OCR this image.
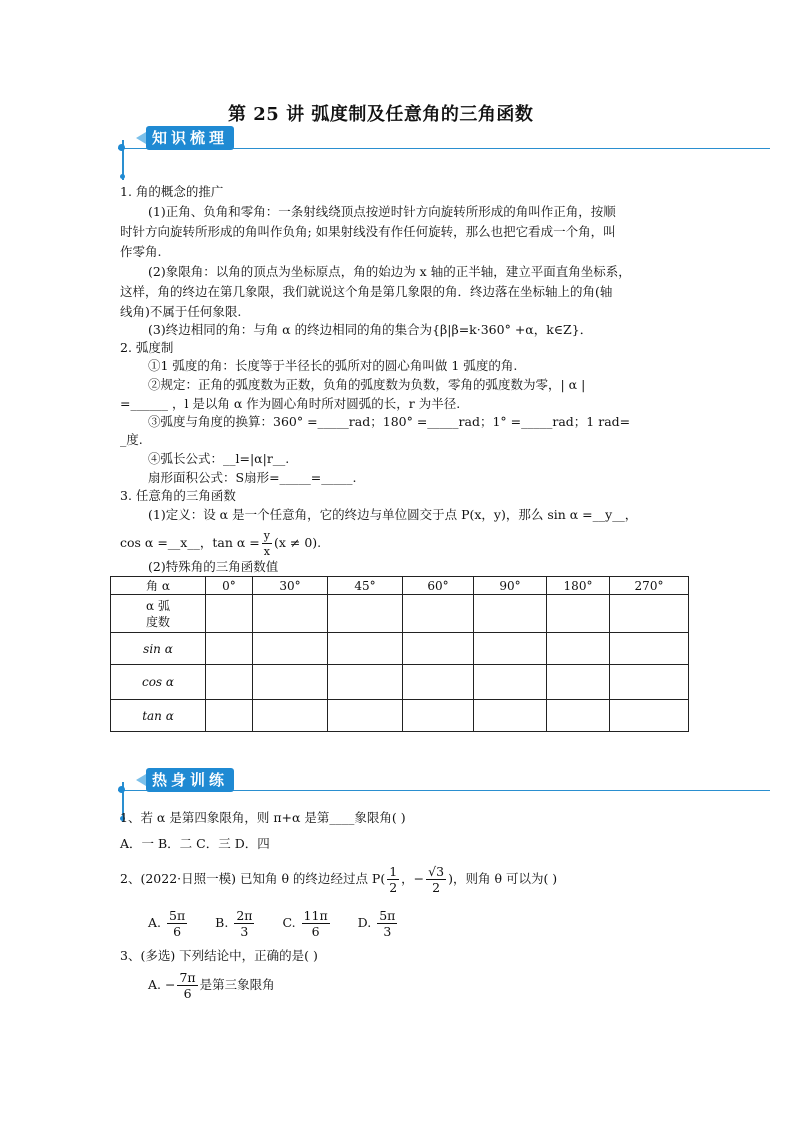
第 25 讲 弧度制及任意角的三角函数
知识梳理
1. 角的概念的推广
(1)正角、负角和零角：一条射线绕顶点按逆时针方向旋转所形成的角叫作正角，按顺
时针方向旋转所形成的角叫作负角; 如果射线没有作任何旋转，那么也把它看成一个角，叫
作零角.
(2)象限角：以角的顶点为坐标原点，角的始边为 x 轴的正半轴，建立平面直角坐标系，
这样，角的终边在第几象限，我们就说这个角是第几象限的角．终边落在坐标轴上的角(轴
线角)不属于任何象限.
(3)终边相同的角：与角 α 的终边相同的角的集合为{β|β=k·360° +α，k∈Z}．
2. 弧度制
①1 弧度的角：长度等于半径长的弧所对的圆心角叫做 1 弧度的角.
②规定：正角的弧度数为正数，负角的弧度数为负数，零角的弧度数为零，| α |
=______ ，l 是以角 α 作为圆心角时所对圆弧的长，r 为半径.
③弧度与角度的换算：360° =_____rad；180° =_____rad；1° =_____rad；1 rad=
_度.
④弧长公式：__l=|α|r__.
扇形面积公式：S扇形=_____=_____.
3. 任意角的三角函数
(1)定义：设 α 是一个任意角，它的终边与单位圆交于点 P(x，y)，那么 sin α =__y__，
cos α =__x__，$\tan \alpha = \frac{y}{x} (x \ne 0)$.
(2)特殊角的三角函数值
角 α	0°	30°	45°	60°	90°	180°	270°
α 弧
度数							
sin α							
cos α							
tan α							
热身训练
1、若 α 是第四象限角，则 π+α 是第____象限角( )
A．一 B．二 C．三 D．四
2、(2022·日照一模) 已知角 θ 的终边经过点 $P( \frac{1}{2}$ ，− $\frac{√3}{2}$ )，则角 θ 可以为( )
A. $\frac{5\pi}{6} B$. $\frac{2\pi}{3} C$. $\frac{11\pi}{6} D$. $\frac{5\pi}{3}$
3、(多选) 下列结论中，正确的是( )
A. − $\frac{7\pi}{6}$ 是第三象限角
